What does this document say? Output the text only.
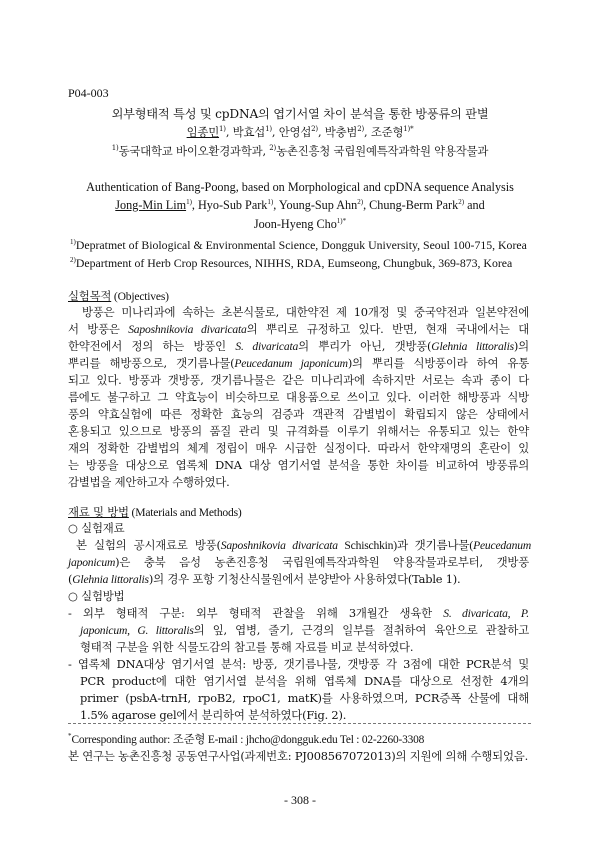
P04-003
외부형태적 특성 및 cpDNA의 엽기서열 차이 분석을 통한 방풍류의 판별
임종민$^{1)}$, 박효섭$^{1)}$, 안영섭$^{2)}$, 박충범$^{2)}$, 조준형$^{1)*}$
$^{1)}$동국대학교 바이오환경과학과, $^{2)}$농촌진흥청 국립원예특작과학원 약용작물과
Authentication of Bang-Poong, based on Morphological and cpDNA sequence Analysis
Jong-Min Lim$^{1)}$, Hyo-Sub Park$^{1)}$, Young-Sup Ahn$^{2)}$, Chung-Berm Park$^{2)}$ and
Joon-Hyeng Cho$^{1)*}$
$^{1)}$Depratmet of Biological & Environmental Science, Dongguk University, Seoul 100-715, Korea
$^{2)}$Department of Herb Crop Resources, NIHHS, RDA, Eumseong, Chungbuk, 369-873, Korea
실험목적 (Objectives)
방풍은 미나리과에 속하는 초본식물로, 대한약전 제 10개정 및 중국약전과 일본약전에
서 방풍은 Saposhnikovia divaricata의 뿌리로 규정하고 있다. 반면, 현재 국내에서는 대
한약전에서 정의 하는 방풍인 S. divaricata의 뿌리가 아닌, 갯방풍(Glehnia littoralis)의
뿌리를 해방풍으로, 갯기름나물(Peucedanum japonicum)의 뿌리를 식방풍이라 하여 유통
되고 있다. 방풍과 갯방풍, 갯기름나물은 같은 미나리과에 속하지만 서로는 속과 종이 다
름에도 불구하고 그 약효능이 비슷하므로 대용품으로 쓰이고 있다. 이러한 해방풍과 식방
풍의 약효실험에 따른 정확한 효능의 검증과 객관적 감별법이 확립되지 않은 상태에서
혼용되고 있으므로 방풍의 품질 관리 및 규격화를 이루기 위해서는 유통되고 있는 한약
재의 정확한 감별법의 체계 정립이 매우 시급한 실정이다. 따라서 한약재명의 혼란이 있
는 방풍을 대상으로 엽록체 DNA 대상 염기서열 분석을 통한 차이를 비교하여 방풍류의
감별법을 제안하고자 수행하였다.
재료 및 방법 (Materials and Methods)
○ 실험재료
본 실험의 공시재료로 방풍(Saposhnikovia divaricata Schischkin)과 갯기름나물(Peucedanum
japonicum)은 충북 음성 농촌진흥청 국립원예특작과학원 약용작물과로부터, 갯방풍
(Glehnia littoralis)의 경우 포항 기청산식물원에서 분양받아 사용하였다(Table 1).
○ 실험방법
- 외부 형태적 구분: 외부 형태적 관찰을 위해 3개월간 생육한 S. divaricata, P.
japonicum, G. littoralis의 잎, 엽병, 줄기, 근경의 일부를 절취하여 육안으로 관찰하고
형태적 구분을 위한 식물도감의 참고를 통해 자료를 비교 분석하였다.
- 엽록체 DNA대상 염기서열 분석: 방풍, 갯기름나물, 갯방풍 각 3점에 대한 PCR분석 및
PCR product에 대한 염기서열 분석을 위해 엽록체 DNA를 대상으로 선정한 4개의
primer (psbA-trnH, rpoB2, rpoC1, matK)를 사용하였으며, PCR증폭 산물에 대해
1.5% agarose gel에서 분리하여 분석하였다(Fig. 2).
*Corresponding author: 조준형 E-mail : jhcho@dongguk.edu Tel : 02-2260-3308
본 연구는 농촌진흥청 공동연구사업(과제번호: PJ008567072013)의 지원에 의해 수행되었음.
- 308 -
